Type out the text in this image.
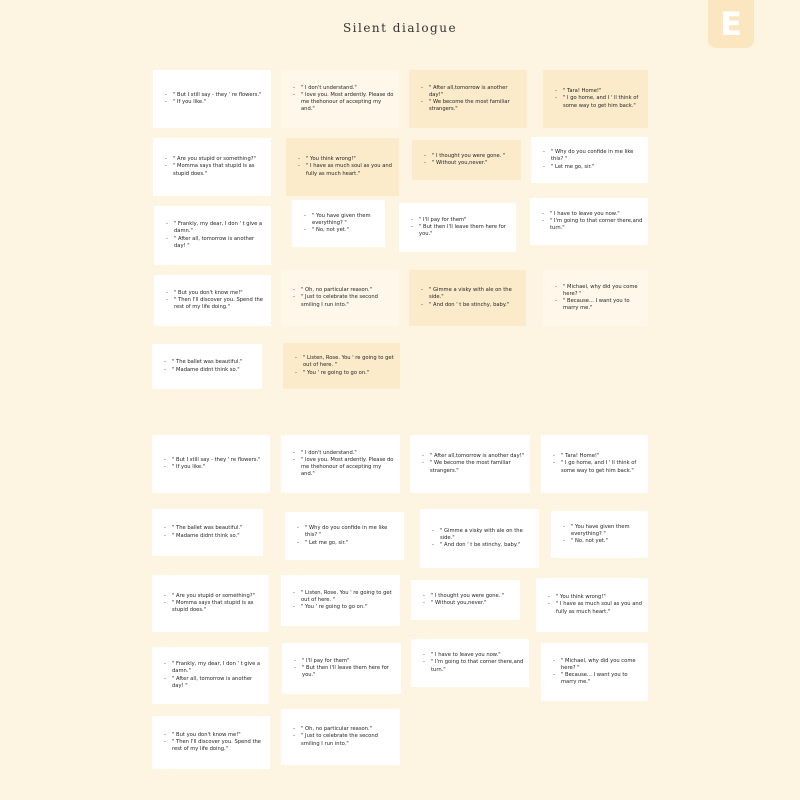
Silent dialogue	E
- " But I still say - they ' re flowers."
- " If you like."
- " I don't understand."
- " love you. Most ardently. Please do me thehonour of accepting my and."
- " After all,tomorrow is another day!"
- " We become the most familiar strangers."
- " Tara! Home!"
- " I go home, and I ' ll think of some way to get him back."
- " Are you stupid or something?"
- " Momma says that stupid is as stupid does."
- " You think wrong!"
- " I have as much soul as you and fully as much heart."
- " I thought you were gone. "
- " Without you,never."
- " Why do you confide in me like this? "
- " Let me go, sir."
- " Frankly, my dear, I don ' t give a damn."
- " After all, tomorrow is another day! "
- " You have given them everything? "
- " No, not yet."
- " I'll pay for them"
- " But then I'll leave them here for you."
- " I have to leave you now."
- " I'm going to that corner there,and turn."
- " But you don't know me!"
- " Then I'll discover you. Spend the rest of my life doing."
- " Oh, no particular reason."
- " Just to celebrate the second smiling I run into."
- " Gimme a visky with ale on the side."
- " And don ' t be stinchy, baby."
- " Michael, why did you come here? "
- " Because... I want you to marry me."
- " The ballet was beautiful."
- " Madame didnt think so."
- " Listen, Rose. You ' re going to get out of here. "
- " You ' re going to go on."
- " But I still say - they ' re flowers."
- " If you like."
- " I don't understand."
- " love you. Most ardently. Please do me thehonour of accepting my and."
- " After all,tomorrow is another day!"
- " We become the most familiar strangers."
- " Tara! Home!"
- " I go home, and I ' ll think of some way to get him back."
- " The ballet was beautiful."
- " Madame didnt think so."
- " Why do you confide in me like this? "
- " Let me go, sir."
- " Gimme a visky with ale on the side."
- " And don ' t be stinchy, baby."
- " You have given them everything? "
- " No, not yet."
- " Are you stupid or something?"
- " Momma says that stupid is as stupid does."
- " Listen, Rose. You ' re going to get out of here. "
- " You ' re going to go on."
- " I thought you were gone. "
- " Without you,never."
- " You think wrong!"
- " I have as much soul as you and fully as much heart."
- " Frankly, my dear, I don ' t give a damn."
- " After all, tomorrow is another day! "
- " I'll pay for them"
- " But then I'll leave them here for you."
- " I have to leave you now."
- " I'm going to that corner there,and turn."
- " Michael, why did you come here? "
- " Because... I want you to marry me."
- " But you don't know me!"
- " Then I'll discover you. Spend the rest of my life doing."
- " Oh, no particular reason."
- " Just to celebrate the second smiling I run into."
